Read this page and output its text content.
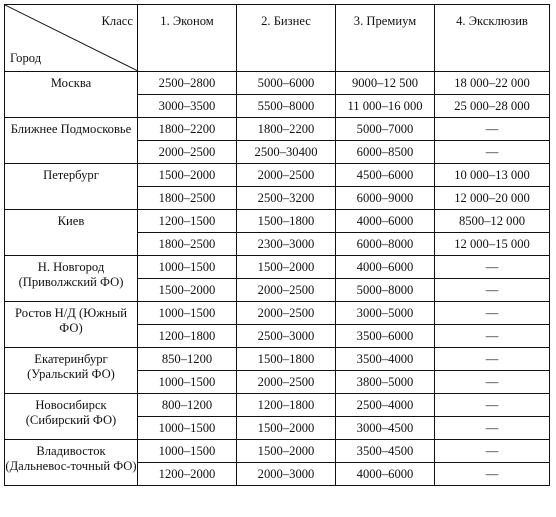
Класс
Город	1. Эконом	2. Бизнес	3. Премиум	4. Эксклюзив
Москва	2500–2800	5000–6000	9000–12 500	18 000–22 000
	3000–3500	5500–8000	11 000–16 000	25 000–28 000
Ближнее Подмосковье	1800–2200	1800–2200	5000–7000	—
	2000–2500	2500–30400	6000–8500	—
Петербург	1500–2000	2000–2500	4500–6000	10 000–13 000
	1800–2500	2500–3200	6000–9000	12 000–20 000
Киев	1200–1500	1500–1800	4000–6000	8500–12 000
	1800–2500	2300–3000	6000–8000	12 000–15 000
Н. Новгород (Приволжский ФО)	1000–1500	1500–2000	4000–6000	—
	1500–2000	2000–2500	5000–8000	—
Ростов Н/Д (Южный ФО)	1000–1500	2000–2500	3000–5000	—
	1200–1800	2500–3000	3500–6000	—
Екатеринбург (Уральский ФО)	850–1200	1500–1800	3500–4000	—
	1000–1500	2000–2500	3800–5000	—
Новосибирск (Сибирский ФО)	800–1200	1200–1800	2500–4000	—
	1000–1500	1500–2000	3000–4500	—
Владивосток (Дальневос-точный ФО)	1000–1500	1500–2000	3500–4500	—
	1200–2000	2000–3000	4000–6000	—
